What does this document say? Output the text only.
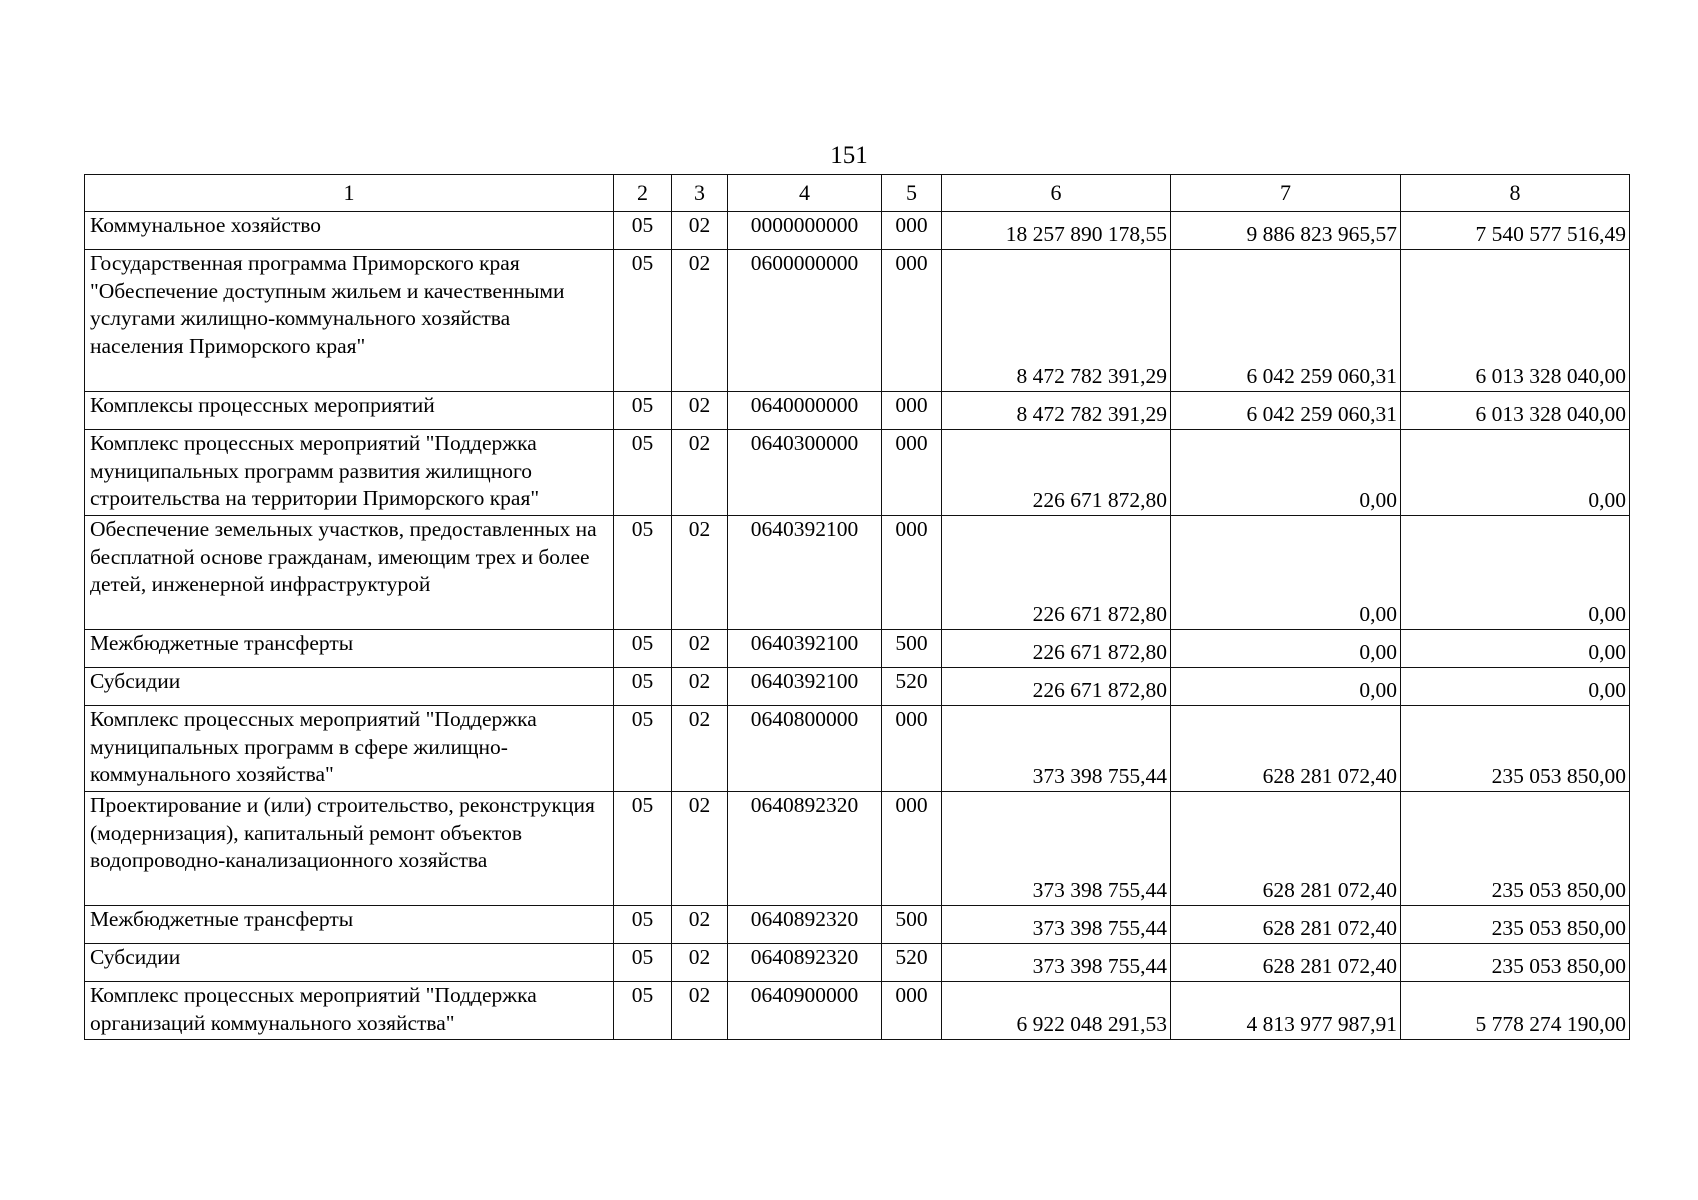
151
1	2	3	4	5	6	7	8
Коммунальное хозяйство	05	02	0000000000	000	18 257 890 178,55	9 886 823 965,57	7 540 577 516,49
Государственная программа Приморского края "Обеспечение доступным жильем и качественными услугами жилищно-коммунального хозяйства населения Приморского края"	05	02	0600000000	000	8 472 782 391,29	6 042 259 060,31	6 013 328 040,00
Комплексы процессных мероприятий	05	02	0640000000	000	8 472 782 391,29	6 042 259 060,31	6 013 328 040,00
Комплекс процессных мероприятий "Поддержка муниципальных программ развития жилищного строительства на территории Приморского края"	05	02	0640300000	000	226 671 872,80	0,00	0,00
Обеспечение земельных участков, предоставленных на бесплатной основе гражданам, имеющим трех и более детей, инженерной инфраструктурой	05	02	0640392100	000	226 671 872,80	0,00	0,00
Межбюджетные трансферты	05	02	0640392100	500	226 671 872,80	0,00	0,00
Субсидии	05	02	0640392100	520	226 671 872,80	0,00	0,00
Комплекс процессных мероприятий "Поддержка муниципальных программ в сфере жилищно-коммунального хозяйства"	05	02	0640800000	000	373 398 755,44	628 281 072,40	235 053 850,00
Проектирование и (или) строительство, реконструкция (модернизация), капитальный ремонт объектов водопроводно-канализационного хозяйства	05	02	0640892320	000	373 398 755,44	628 281 072,40	235 053 850,00
Межбюджетные трансферты	05	02	0640892320	500	373 398 755,44	628 281 072,40	235 053 850,00
Субсидии	05	02	0640892320	520	373 398 755,44	628 281 072,40	235 053 850,00
Комплекс процессных мероприятий "Поддержка организаций коммунального хозяйства"	05	02	0640900000	000	6 922 048 291,53	4 813 977 987,91	5 778 274 190,00
